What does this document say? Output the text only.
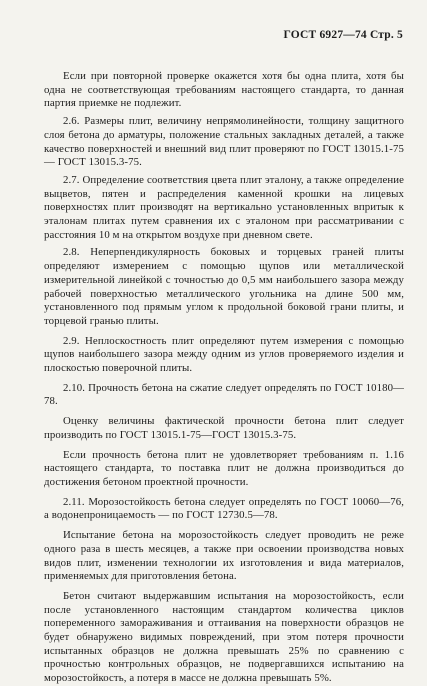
ГОСТ 6927—74 Стр. 5

Если при повторной проверке окажется хотя бы одна плита, хотя бы одна не соответствующая требованиям настоящего стандарта, то данная партия приемке не подлежит.

2.6. Размеры плит, величину непрямолинейности, толщину защитного слоя бетона до арматуры, положение стальных закладных деталей, а также качество поверхностей и внешний вид плит проверяют по ГОСТ 13015.1-75 — ГОСТ 13015.3-75.

2.7. Определение соответствия цвета плит эталону, а также определение выцветов, пятен и распределения каменной крошки на лицевых поверхностях плит производят на вертикально установленных впритык к эталонам плитах путем сравнения их с эталоном при рассматривании с расстояния 10 м на открытом воздухе при дневном свете.

2.8. Неперпендикулярность боковых и торцевых граней плиты определяют измерением с помощью щупов или металлической измерительной линейкой с точностью до 0,5 мм наибольшего зазора между рабочей поверхностью металлического угольника на длине 500 мм, установленного под прямым углом к продольной боковой грани плиты, и торцевой гранью плиты.

2.9. Неплоскостность плит определяют путем измерения с помощью щупов наибольшего зазора между одним из углов проверяемого изделия и плоскостью поверочной плиты.

2.10. Прочность бетона на сжатие следует определять по ГОСТ 10180—78.

Оценку величины фактической прочности бетона плит следует производить по ГОСТ 13015.1-75—ГОСТ 13015.3-75.

Если прочность бетона плит не удовлетворяет требованиям п. 1.16 настоящего стандарта, то поставка плит не должна производиться до достижения бетоном проектной прочности.

2.11. Морозостойкость бетона следует определять по ГОСТ 10060—76, а водонепроницаемость — по ГОСТ 12730.5—78.

Испытание бетона на морозостойкость следует проводить не реже одного раза в шесть месяцев, а также при освоении производства новых видов плит, изменении технологии их изготовления и вида материалов, применяемых для приготовления бетона.

Бетон считают выдержавшим испытания на морозостойкость, если после установленного настоящим стандартом количества циклов попеременного замораживания и оттаивания на поверхности образцов не будет обнаружено видимых повреждений, при этом потеря прочности испытанных образцов не должна превышать 25% по сравнению с прочностью контрольных образцов, не подвергавшихся испытанию на морозостойкость, а потеря в массе не должна превышать 5%.
